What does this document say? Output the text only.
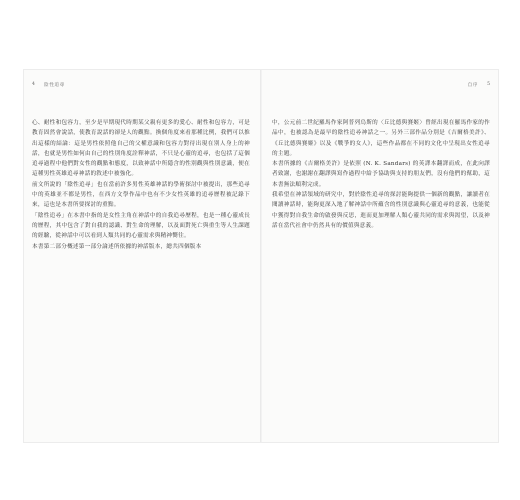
4 陰性追尋

心、耐性和包容力，至少是早期現代時期某父親有更多的愛心、耐性和包容力，可是教育固然會說話，使教育說話的卻是人的觀點。換個角度來看那種比例，我們可以推出這樣的結論：這是男性依照他自己的父權意識和包容力對待出現在別人身上的神話，也就是男性如何由自己的性別角度詮釋神話，不只是心靈的追尋，也包括了這個追尋過程中他們對女性的觀點和態度，以致神話中所隱含的性別觀與性別意識，便在這種男性英雄追尋神話的敘述中被強化。

前文所說的「陰性追尋」也在當前許多男性英雄神話的學術探討中被提出，那些追尋中的英雄並不都是男性，在西方文學作品中也有不少女性英雄的追尋歷程被記錄下來，這也是本書所要探討的重點。

「陰性追尋」在本書中指的是女性主角在神話中的自我追尋歷程，也是一種心靈成長的歷程，其中包含了對自我的認識、對生命的理解，以及面對死亡與重生等人生課題的經驗，從神話中可以看到人類共同的心靈需求與精神嚮往。

本書第二部分概述第一部分論述所依據的神話版本，總共四個版本

自序 5

中，公元前二世紀羅馬作家阿普列烏斯的〈丘比德與賽姬〉曾經出現在羅馬作家的作品中，也被認為是最早的陰性追尋神話之一。另外三部作品分別是《吉爾格美許》、《丘比德與賽姬》以及《戰爭的女人》，這些作品都在不同的文化中呈現出女性追尋的主題。

本書所據的《吉爾格美許》是依照 (N. K. Sandars) 的英譯本翻譯而成，在此向譯者致謝，也謝謝在翻譯與寫作過程中給予協助與支持的朋友們，沒有他們的幫助，這本書無法順利完成。

我希望在神話領域的研究中，對於陰性追尋的探討能夠提供一個新的觀點，讓讀者在閱讀神話時，能夠更深入地了解神話中所蘊含的性別意識與心靈追尋的意義，也能從中獲得對自我生命的啟發與反思，進而更加理解人類心靈共同的需求與渴望，以及神話在當代社會中仍然具有的價值與意義。
